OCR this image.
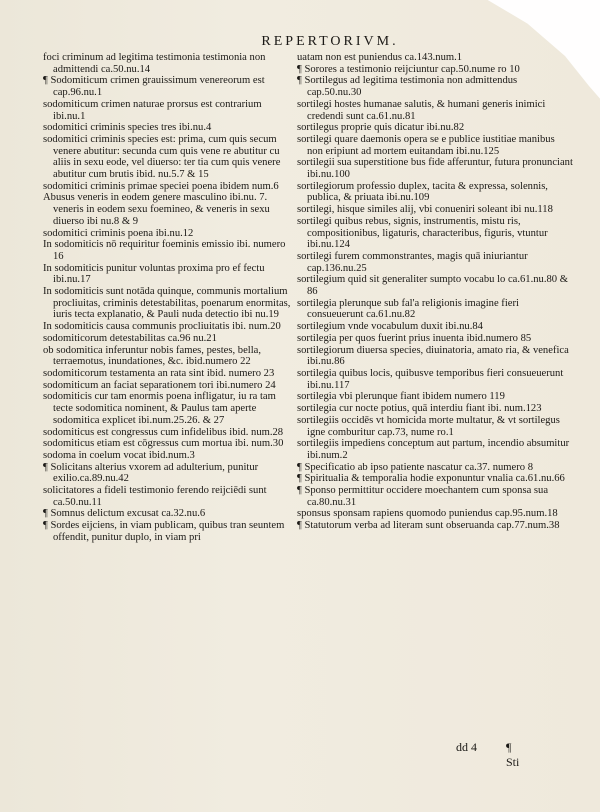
REPERTORIVM.
foci criminum ad legitima testimonia testimonia non admittendi ca.50.nu.14
¶ Sodomiticum crimen grauissimum venereorum est cap.96.nu.1
sodomiticum crimen naturae prorsus est contrarium ibi.nu.1
sodomitici criminis species tres ibi.nu.4
sodomitici criminis species est: prima, cum quis secum venere abutitur: secunda cum quis vene re abutitur cu aliis in sexu eode, vel diuerso: ter tia cum quis venere abutitur cum brutis ibid. nu.5.7 & 15
sodomitici criminis primae speciei poena ibidem num.6
Abusus veneris in eodem genere masculino ibi.nu. 7. veneris in eodem sexu foemineo, & veneris in sexu diuerso ibi nu.8 & 9
sodomitici criminis poena ibi.nu.12
In sodomiticis nō requiritur foeminis emissio ibi. numero 16
In sodomiticis punitur voluntas proxima pro ef fectu ibi.nu.17
In sodomiticis sunt notāda quinque, communis mortalium procliuitas, criminis detestabilitas, poenarum enormitas, iuris tecta explanatio, & Pauli nuda detectio ibi nu.19
In sodomiticis causa communis procliuitatis ibi. num.20
sodomiticorum detestabilitas ca.96 nu.21
ob sodomitica inferuntur nobis fames, pestes, bella, terraemotus, inundationes, &c. ibid.numero 22
sodomiticorum testamenta an rata sint ibid. numero 23
sodomiticum an faciat separationem tori ibi.numero 24
sodomiticis cur tam enormis poena infligatur, iu ra tam tecte sodomitica nominent, & Paulus tam aperte sodomitica explicet ibi.num.25.26. & 27
sodomiticus est congressus cum infidelibus ibid. num.28
sodomiticus etiam est cōgressus cum mortua ibi. num.30
sodoma in coelum vocat ibid.num.3
¶ Solicitans alterius vxorem ad adulterium, punitur exilio.ca.89.nu.42
solicitatores a fideli testimonio ferendo reijciēdi sunt ca.50.nu.11
¶ Somnus delictum excusat ca.32.nu.6
¶ Sordes eijciens, in viam publicam, quibus tran seuntem offendit, punitur duplo, in viam pri
uatam non est puniendus ca.143.num.1
¶ Sorores a testimonio reijciuntur cap.50.nume ro 10
¶ Sortilegus ad legitima testimonia non admittendus cap.50.nu.30
sortilegi hostes humanae salutis, & humani generis inimici credendi sunt ca.61.nu.81
sortilegus proprie quis dicatur ibi.nu.82
sortilegi quare daemonis opera se e publice iustitiae manibus non eripiunt ad mortem euitandam ibi.nu.125
sortilegii sua superstitione bus fide afferuntur, futura pronunciant ibi.nu.100
sortilegiorum professio duplex, tacita & expressa, solennis, publica, & priuata ibi.nu.109
sortilegi, hisque similes alij, vbi conueniri soleant ibi nu.118
sortilegi quibus rebus, signis, instrumentis, mistu ris, compositionibus, ligaturis, characteribus, figuris, vtuntur ibi.nu.124
sortilegi furem commonstrantes, magis quā iniuriantur cap.136.nu.25
sortilegium quid sit generaliter sumpto vocabu lo ca.61.nu.80 & 86
sortilegia plerunque sub fal'a religionis imagine fieri consueuerunt ca.61.nu.82
sortilegium vnde vocabulum duxit ibi.nu.84
sortilegia per quos fuerint prius inuenta ibid.numero 85
sortilegiorum diuersa species, diuinatoria, amato ria, & venefica ibi.nu.86
sortilegia quibus locis, quibusve temporibus fieri consueuerunt ibi.nu.117
sortilegia vbi plerunque fiant ibidem numero 119
sortilegia cur nocte potius, quā interdiu fiant ibi. num.123
sortilegiis occidēs vt homicida morte multatur, & vt sortilegus igne comburitur cap.73, nume ro.1
sortilegiis impediens conceptum aut partum, incendio absumitur ibi.num.2
¶ Specificatio ab ipso patiente nascatur ca.37. numero 8
¶ Spiritualia & temporalia hodie exponuntur vnalia ca.61.nu.66
¶ Sponso permittitur occidere moechantem cum sponsa sua ca.80.nu.31
sponsus sponsam rapiens quomodo puniendus cap.95.num.18
¶ Statutorum verba ad literam sunt obseruanda cap.77.num.38
dd 4 ¶ Sti
